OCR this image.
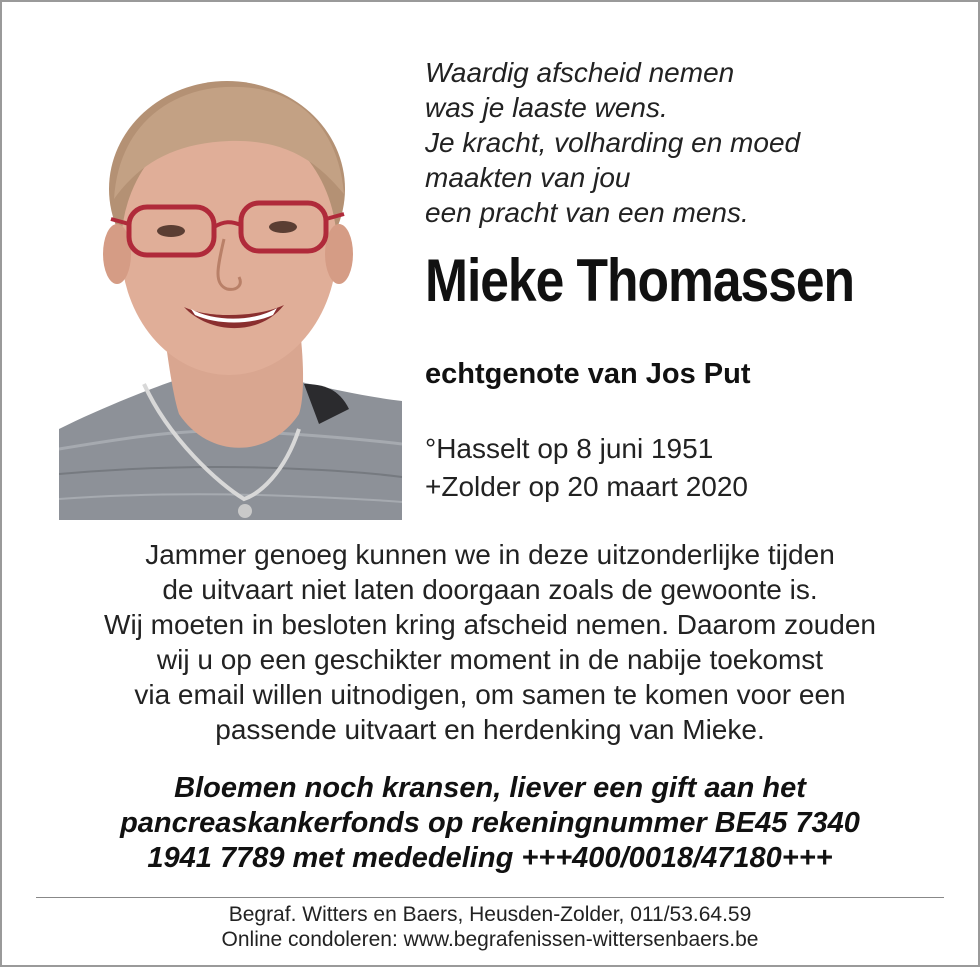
Waardig afscheid nemen
was je laaste wens.
Je kracht, volharding en moed
maakten van jou
een pracht van een mens.
Mieke Thomassen
echtgenote van Jos Put
°Hasselt op 8 juni 1951
+Zolder op 20 maart 2020
Jammer genoeg kunnen we in deze uitzonderlijke tijden
de uitvaart niet laten doorgaan zoals de gewoonte is.
Wij moeten in besloten kring afscheid nemen. Daarom zouden
wij u op een geschikter moment in de nabije toekomst
via email willen uitnodigen, om samen te komen voor een
passende uitvaart en herdenking van Mieke.
Bloemen noch kransen, liever een gift aan het
pancreaskankerfonds op rekeningnummer BE45 7340
1941 7789 met mededeling +++400/0018/47180+++
Begraf. Witters en Baers, Heusden-Zolder, 011/53.64.59
Online condoleren: www.begrafenissen-wittersenbaers.be
